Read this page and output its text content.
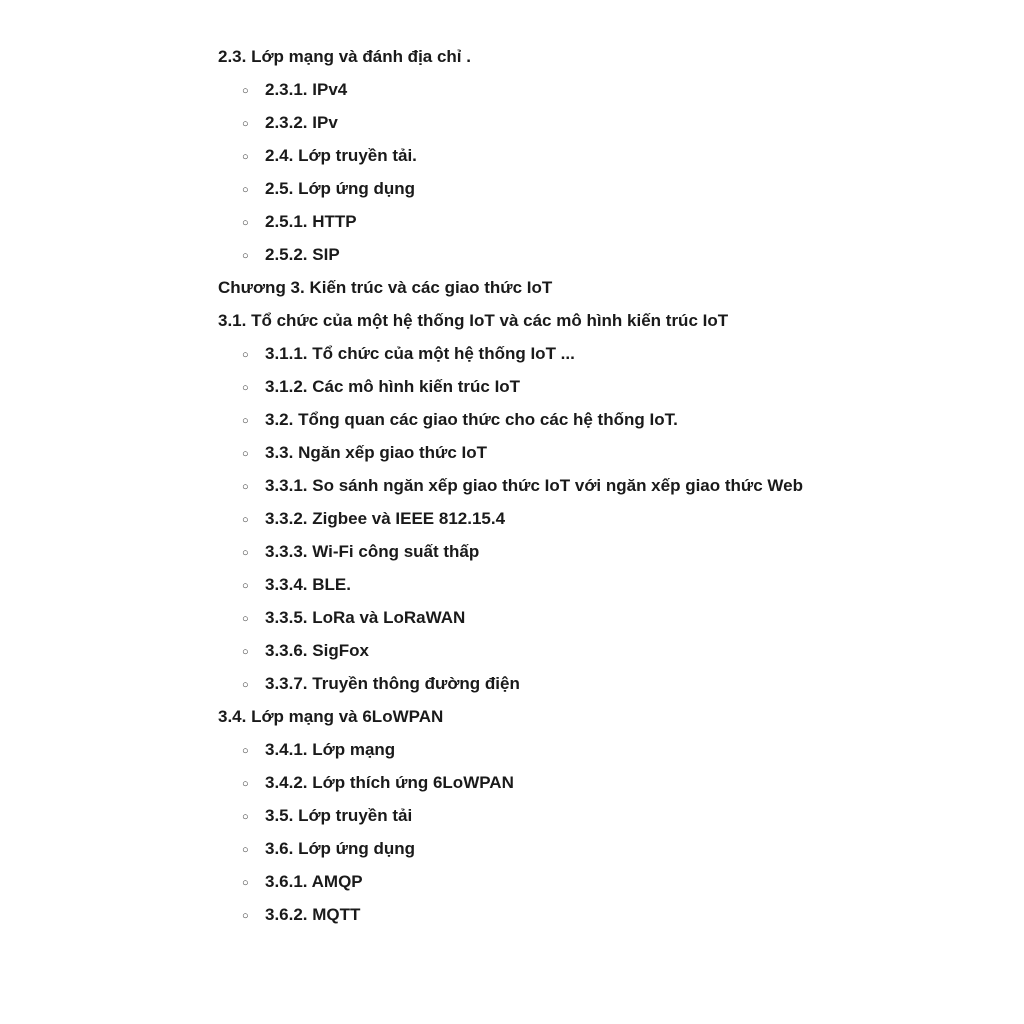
2.3. Lớp mạng và đánh địa chỉ .
○ 2.3.1. IPv4
○ 2.3.2. IPv
○ 2.4. Lớp truyền tải.
○ 2.5. Lớp ứng dụng
○ 2.5.1. HTTP
○ 2.5.2. SIP
Chương 3. Kiến trúc và các giao thức IoT
3.1. Tổ chức của một hệ thống IoT và các mô hình kiến trúc IoT
○ 3.1.1. Tổ chức của một hệ thống IoT ...
○ 3.1.2. Các mô hình kiến trúc IoT
○ 3.2. Tổng quan các giao thức cho các hệ thống IoT.
○ 3.3. Ngăn xếp giao thức IoT
○ 3.3.1. So sánh ngăn xếp giao thức IoT với ngăn xếp giao thức Web
○ 3.3.2. Zigbee và IEEE 812.15.4
○ 3.3.3. Wi-Fi công suất thấp
○ 3.3.4. BLE.
○ 3.3.5. LoRa và LoRaWAN
○ 3.3.6. SigFox
○ 3.3.7. Truyền thông đường điện
3.4. Lớp mạng và 6LoWPAN
○ 3.4.1. Lớp mạng
○ 3.4.2. Lớp thích ứng 6LoWPAN
○ 3.5. Lớp truyền tải
○ 3.6. Lớp ứng dụng
○ 3.6.1. AMQP
○ 3.6.2. MQTT
